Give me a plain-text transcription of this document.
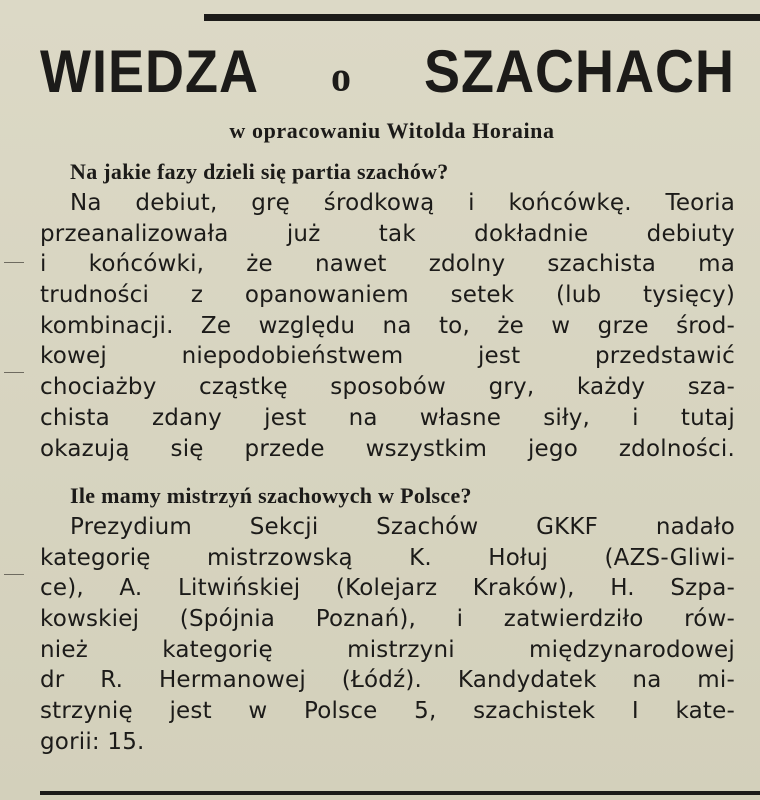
WIEDZA o SZACHACH
w opracowaniu Witolda Horaina
Na jakie fazy dzieli się partia szachów?
Na debiut, grę środkową i końcówkę. Teoria
przeanalizowała już tak dokładnie debiuty
i końcówki, że nawet zdolny szachista ma
trudności z opanowaniem setek (lub tysięcy)
kombinacji. Ze względu na to, że w grze środ-
kowej niepodobieństwem jest przedstawić
chociażby cząstkę sposobów gry, każdy sza-
chista zdany jest na własne siły, i tutaj
okazują się przede wszystkim jego zdolności.
Ile mamy mistrzyń szachowych w Polsce?
Prezydium Sekcji Szachów GKKF nadało
kategorię mistrzowską K. Hołuj (AZS-Gliwi-
ce), A. Litwińskiej (Kolejarz Kraków), H. Szpa-
kowskiej (Spójnia Poznań), i zatwierdziło rów-
nież kategorię mistrzyni międzynarodowej
dr R. Hermanowej (Łódź). Kandydatek na mi-
strzynię jest w Polsce 5, szachistek I kate-
gorii: 15.
